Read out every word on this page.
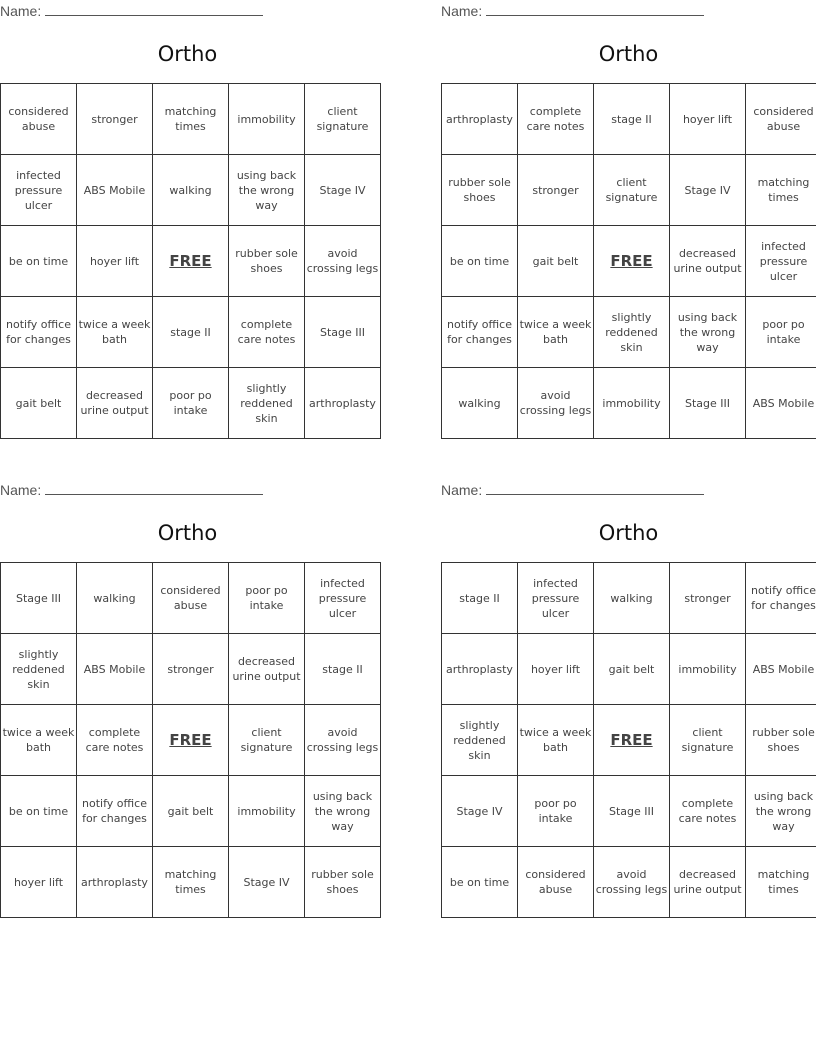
Name:
Ortho
considered abuse	stronger	matching times	immobility	client signature
infected pressure ulcer	ABS Mobile	walking	using back the wrong way	Stage IV
be on time	hoyer lift	FREE	rubber sole shoes	avoid crossing legs
notify office for changes	twice a week bath	stage II	complete care notes	Stage III
gait belt	decreased urine output	poor po intake	slightly reddened skin	arthroplasty
Name:
Ortho
arthroplasty	complete care notes	stage II	hoyer lift	considered abuse
rubber sole shoes	stronger	client signature	Stage IV	matching times
be on time	gait belt	FREE	decreased urine output	infected pressure ulcer
notify office for changes	twice a week bath	slightly reddened skin	using back the wrong way	poor po intake
walking	avoid crossing legs	immobility	Stage III	ABS Mobile
Name:
Ortho
Stage III	walking	considered abuse	poor po intake	infected pressure ulcer
slightly reddened skin	ABS Mobile	stronger	decreased urine output	stage II
twice a week bath	complete care notes	FREE	client signature	avoid crossing legs
be on time	notify office for changes	gait belt	immobility	using back the wrong way
hoyer lift	arthroplasty	matching times	Stage IV	rubber sole shoes
Name:
Ortho
stage II	infected pressure ulcer	walking	stronger	notify office for changes
arthroplasty	hoyer lift	gait belt	immobility	ABS Mobile
slightly reddened skin	twice a week bath	FREE	client signature	rubber sole shoes
Stage IV	poor po intake	Stage III	complete care notes	using back the wrong way
be on time	considered abuse	avoid crossing legs	decreased urine output	matching times
